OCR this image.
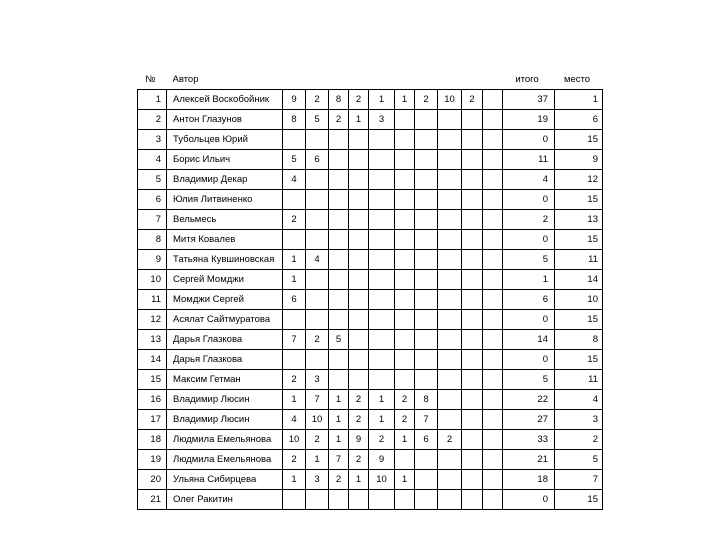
№	Автор											итого	место
1	Алексей Воскобойник	9	2	8	2	1	1	2	10	2		37	1
2	Антон Глазунов	8	5	2	1	3						19	6
3	Тубольцев Юрий											0	15
4	Борис Ильич	5	6									11	9
5	Владимир Декар	4										4	12
6	Юлия Литвиненко											0	15
7	Вельмесь	2										2	13
8	Митя Ковалев											0	15
9	Татьяна Кувшиновская	1	4									5	11
10	Сергей Момджи	1										1	14
11	Момджи Сергей	6										6	10
12	Асялат Сайтмуратова											0	15
13	Дарья Глазкова	7	2	5								14	8
14	Дарья Глазкова											0	15
15	Максим Гетман	2	3									5	11
16	Владимир Люсин	1	7	1	2	1	2	8				22	4
17	Владимир Люсин	4	10	1	2	1	2	7				27	3
18	Людмила Емельянова	10	2	1	9	2	1	6	2			33	2
19	Людмила Емельянова	2	1	7	2	9						21	5
20	Ульяна Сибирцева	1	3	2	1	10	1					18	7
21	Олег Ракитин											0	15
